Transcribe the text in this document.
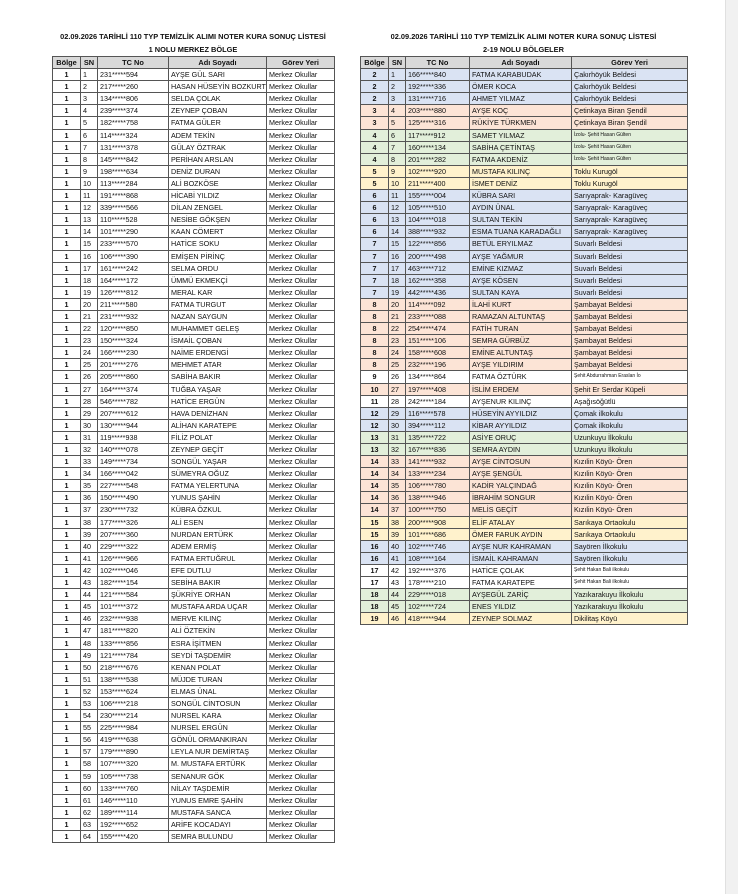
02.09.2026 TARİHLİ 110 TYP TEMİZLİK ALIMI NOTER KURA SONUÇ LİSTESİ
1 NOLU MERKEZ BÖLGE
Bölge	SN	TC No	Adı Soyadı	Görev Yeri
1	1	231*****594	AYŞE GÜL SARI	Merkez Okullar
1	2	217*****260	HASAN HÜSEYİN BOZKURT	Merkez Okullar
1	3	134*****806	SELDA ÇOLAK	Merkez Okullar
1	4	239*****374	ZEYNEP ÇOBAN	Merkez Okullar
1	5	182*****758	FATMA GÜLER	Merkez Okullar
1	6	114*****324	ADEM TEKİN	Merkez Okullar
1	7	131*****378	GÜLAY ÖZTRAK	Merkez Okullar
1	8	145*****842	PERİHAN ARSLAN	Merkez Okullar
1	9	198*****634	DENİZ DURAN	Merkez Okullar
1	10	113*****284	ALİ BOZKÖSE	Merkez Okullar
1	11	191*****868	HİCABİ YILDIZ	Merkez Okullar
1	12	339*****566	DİLAN ZENGEL	Merkez Okullar
1	13	110*****528	NESİBE GÖKŞEN	Merkez Okullar
1	14	101*****290	KAAN CÖMERT	Merkez Okullar
1	15	233*****570	HATİCE SOKU	Merkez Okullar
1	16	106*****390	EMİŞEN PİRİNÇ	Merkez Okullar
1	17	161*****242	SELMA ORDU	Merkez Okullar
1	18	164*****172	ÜMMÜ EKMEKÇİ	Merkez Okullar
1	19	126*****812	MERAL KAR	Merkez Okullar
1	20	211*****580	FATMA TURGUT	Merkez Okullar
1	21	231*****932	NAZAN SAYGUN	Merkez Okullar
1	22	120*****850	MUHAMMET GELEŞ	Merkez Okullar
1	23	150*****324	İSMAİL ÇOBAN	Merkez Okullar
1	24	166*****230	NAİME ERDENGİ	Merkez Okullar
1	25	201*****276	MEHMET ATAR	Merkez Okullar
1	26	205*****860	SABİHA BAKIR	Merkez Okullar
1	27	164*****374	TUĞBA YAŞAR	Merkez Okullar
1	28	546*****782	HATİCE ERGÜN	Merkez Okullar
1	29	207*****612	HAVA DENİZHAN	Merkez Okullar
1	30	130*****944	ALİHAN KARATEPE	Merkez Okullar
1	31	119*****938	FİLİZ POLAT	Merkez Okullar
1	32	140*****078	ZEYNEP GEÇİT	Merkez Okullar
1	33	149*****734	SONGÜL YAŞAR	Merkez Okullar
1	34	166*****042	SÜMEYRA OĞUZ	Merkez Okullar
1	35	227*****548	FATMA YELERTUNA	Merkez Okullar
1	36	150*****490	YUNUS ŞAHİN	Merkez Okullar
1	37	230*****732	KÜBRA ÖZKUL	Merkez Okullar
1	38	177*****326	ALİ ESEN	Merkez Okullar
1	39	207*****360	NURDAN ERTÜRK	Merkez Okullar
1	40	229*****322	ADEM ERMİŞ	Merkez Okullar
1	41	126*****966	FATMA ERTUĞRUL	Merkez Okullar
1	42	102*****046	EFE DUTLU	Merkez Okullar
1	43	182*****154	SEBİHA BAKIR	Merkez Okullar
1	44	121*****584	ŞÜKRİYE ORHAN	Merkez Okullar
1	45	101*****372	MUSTAFA ARDA UÇAR	Merkez Okullar
1	46	232*****938	MERVE KILINÇ	Merkez Okullar
1	47	181*****820	ALİ ÖZTEKİN	Merkez Okullar
1	48	133*****856	ESRA İŞİTMEN	Merkez Okullar
1	49	121*****784	SEYDİ TAŞDEMİR	Merkez Okullar
1	50	218*****676	KENAN POLAT	Merkez Okullar
1	51	138*****538	MÜJDE TURAN	Merkez Okullar
1	52	153*****624	ELMAS ÜNAL	Merkez Okullar
1	53	106*****218	SONGÜL CİNTOSUN	Merkez Okullar
1	54	230*****214	NURSEL KARA	Merkez Okullar
1	55	225*****984	NURSEL ERGÜN	Merkez Okullar
1	56	419*****638	GÖNÜL ORMANKIRAN	Merkez Okullar
1	57	179*****890	LEYLA NUR DEMİRTAŞ	Merkez Okullar
1	58	107*****320	M. MUSTAFA ERTÜRK	Merkez Okullar
1	59	105*****738	SENANUR GÖK	Merkez Okullar
1	60	133*****760	NİLAY TAŞDEMİR	Merkez Okullar
1	61	146*****110	YUNUS EMRE ŞAHİN	Merkez Okullar
1	62	189*****114	MUSTAFA SANCA	Merkez Okullar
1	63	192*****652	ARİFE KOCADAYI	Merkez Okullar
1	64	155*****420	SEMRA BULUNDU	Merkez Okullar
02.09.2026 TARİHLİ 110 TYP TEMİZLİK ALIMI NOTER KURA SONUÇ LİSTESİ
2-19 NOLU BÖLGELER
Bölge	SN	TC No	Adı Soyadı	Görev Yeri
2	1	166*****840	FATMA KARABUDAK	Çakırhöyük Beldesi
2	2	192*****336	ÖMER KOCA	Çakırhöyük Beldesi
2	3	131*****716	AHMET YILMAZ	Çakırhöyük Beldesi
3	4	203*****880	AYŞE KOÇ	Çetinkaya Biran Şendil
3	5	125*****316	RÜKİYE TÜRKMEN	Çetinkaya Biran Şendil
4	6	117*****912	SAMET YILMAZ	İzolu- Şehit Hasan Gülten
4	7	160*****134	SABİHA ÇETİNTAŞ	İzolu- Şehit Hasan Gülten
4	8	201*****282	FATMA AKDENİZ	İzolu- Şehit Hasan Gülten
5	9	102*****920	MUSTAFA KILINÇ	Toklu Kurugöl
5	10	211*****400	İSMET DENİZ	Toklu Kurugöl
6	11	155*****004	KÜBRA SARI	Sarıyaprak- Karagüveç
6	12	105*****510	AYDIN ÜNAL	Sarıyaprak- Karagüveç
6	13	104*****018	SULTAN TEKİN	Sarıyaprak- Karagüveç
6	14	388*****932	ESMA TUANA KARADAĞLI	Sarıyaprak- Karagüveç
7	15	122*****856	BETÜL ERYILMAZ	Suvarlı Beldesi
7	16	200*****498	AYŞE YAĞMUR	Suvarlı Beldesi
7	17	463*****712	EMİNE KIZMAZ	Suvarlı Beldesi
7	18	162*****358	AYŞE KÖSEN	Suvarlı Beldesi
7	19	442*****436	SULTAN KAYA	Suvarlı Beldesi
8	20	114*****092	İLAHİ KURT	Şambayat Beldesi
8	21	233*****088	RAMAZAN ALTUNTAŞ	Şambayat Beldesi
8	22	254*****474	FATİH TURAN	Şambayat Beldesi
8	23	151*****106	SEMRA GÜRBÜZ	Şambayat Beldesi
8	24	158*****608	EMİNE ALTUNTAŞ	Şambayat Beldesi
8	25	232*****196	AYŞE YILDIRIM	Şambayat Beldesi
9	26	134*****864	FATMA ÖZTÜRK	Şehit Abdurrahman Eraslan İo
10	27	197*****408	İSLİM ERDEM	Şehit Er Serdar Küpeli
11	28	242*****184	AYŞENUR KILINÇ	Aşağısöğütlü
12	29	116*****578	HÜSEYİN AYYILDIZ	Çomak ilkokulu
12	30	394*****112	KİBAR AYYILDIZ	Çomak ilkokulu
13	31	135*****722	ASİYE ORUÇ	Uzunkuyu İlkokulu
13	32	167*****836	SEMRA AYDIN	Uzunkuyu İlkokulu
14	33	141*****932	AYŞE CİNTOSUN	Kızılin Köyü- Ören
14	34	133*****234	AYŞE ŞENGÜL	Kızılin Köyü- Ören
14	35	106*****780	KADİR YALÇINDAĞ	Kızılin Köyü- Ören
14	36	138*****946	İBRAHİM SONGUR	Kızılin Köyü- Ören
14	37	100*****750	MELİS GEÇİT	Kızılin Köyü- Ören
15	38	200*****908	ELİF ATALAY	Sarıkaya Ortaokulu
15	39	101*****686	ÖMER FARUK AYDIN	Sarıkaya Ortaokulu
16	40	102*****746	AYŞE NUR KAHRAMAN	Sayören İlkokulu
16	41	108*****164	İSMAİL KAHRAMAN	Sayören İlkokulu
17	42	192*****376	HATİCE ÇOLAK	Şehit Hakan Bali ilkokulu
17	43	178*****210	FATMA KARATEPE	Şehit Hakan Bali ilkokulu
18	44	229*****018	AYŞEGÜL ZARİÇ	Yazıkarakuyu İlkokulu
18	45	102*****724	ENES YILDIZ	Yazıkarakuyu İlkokulu
19	46	418*****944	ZEYNEP SOLMAZ	Dikilitaş Köyü
